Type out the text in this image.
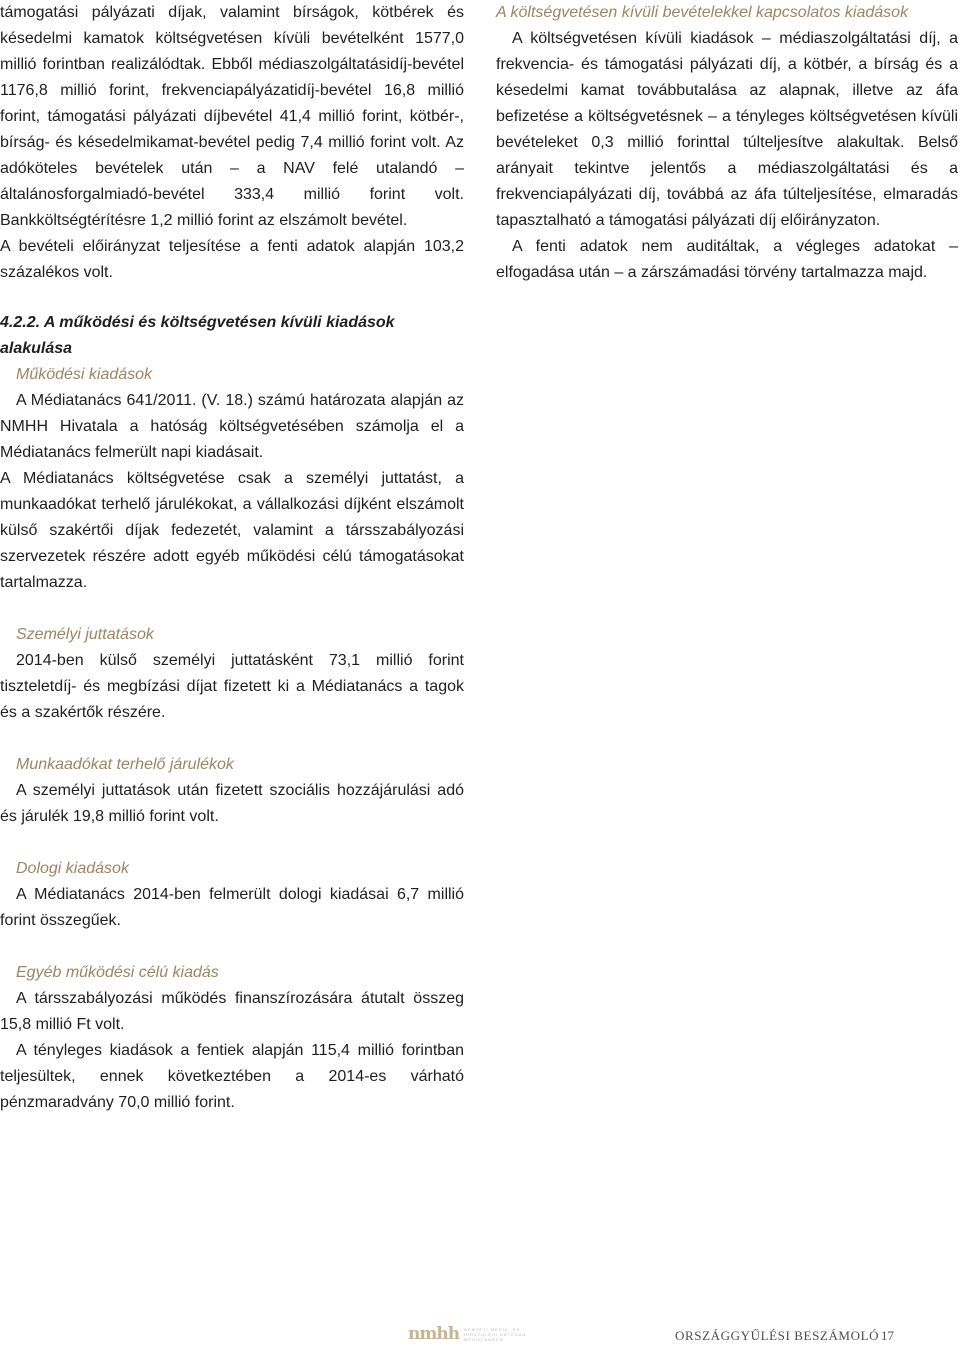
támogatási pályázati díjak, valamint bírságok, kötbérek és késedelmi kamatok költségvetésen kívüli bevételként 1577,0 millió forintban realizálódtak. Ebből médiaszolgáltatásidíj-bevétel 1176,8 millió forint, frekvenciapályázatidíj-bevétel 16,8 millió forint, támogatási pályázati díjbevétel 41,4 millió forint, kötbér-, bírság- és késedelmikamat-bevétel pedig 7,4 millió forint volt. Az adóköteles bevételek után – a NAV felé utalandó – általánosforgalmiadó-bevétel 333,4 millió forint volt. Bankköltségtérítésre 1,2 millió forint az elszámolt bevétel.

A bevételi előirányzat teljesítése a fenti adatok alapján 103,2 százalékos volt.

4.2.2. A működési és költségvetésen kívüli kiadások alakulása
Működési kiadások

A Médiatanács 641/2011. (V. 18.) számú határozata alapján az NMHH Hivatala a hatóság költségvetésében számolja el a Médiatanács felmerült napi kiadásait.

A Médiatanács költségvetése csak a személyi juttatást, a munkaadókat terhelő járulékokat, a vállalkozási díjként elszámolt külső szakértői díjak fedezetét, valamint a társszabályozási szervezetek részére adott egyéb működési célú támogatásokat tartalmazza.

Személyi juttatások

2014-ben külső személyi juttatásként 73,1 millió forint tiszteletdíj- és megbízási díjat fizetett ki a Médiatanács a tagok és a szakértők részére.

Munkaadókat terhelő járulékok

A személyi juttatások után fizetett szociális hozzájárulási adó és járulék 19,8 millió forint volt.

Dologi kiadások

A Médiatanács 2014-ben felmerült dologi kiadásai 6,7 millió forint összegűek.

Egyéb működési célú kiadás

A társszabályozási működés finanszírozására átutalt összeg 15,8 millió Ft volt.

A tényleges kiadások a fentiek alapján 115,4 millió forintban teljesültek, ennek következtében a 2014-es várható pénzmaradvány 70,0 millió forint.

A költségvetésen kívüli bevételekkel kapcsolatos kiadások

A költségvetésen kívüli kiadások – médiaszolgáltatási díj, a frekvencia- és támogatási pályázati díj, a kötbér, a bírság és a késedelmi kamat továbbutalása az alapnak, illetve az áfa befizetése a költségvetésnek – a tényleges költségvetésen kívüli bevételeket 0,3 millió forinttal túlteljesítve alakultak. Belső arányait tekintve jelentős a médiaszolgáltatási és a frekvenciapályázati díj, továbbá az áfa túlteljesítése, elmaradás tapasztalható a támogatási pályázati díj előirányzaton.

A fenti adatok nem auditáltak, a végleges adatokat – elfogadása után – a zárszámadási törvény tartalmazza majd.

nmhh NEMZETI MÉDIA- ÉS
HÍRKÖZLÉSI HATÓSÁG
MÉDIATANÁCS	ORSZÁGGYŰLÉSI BESZÁMOLÓ 17
